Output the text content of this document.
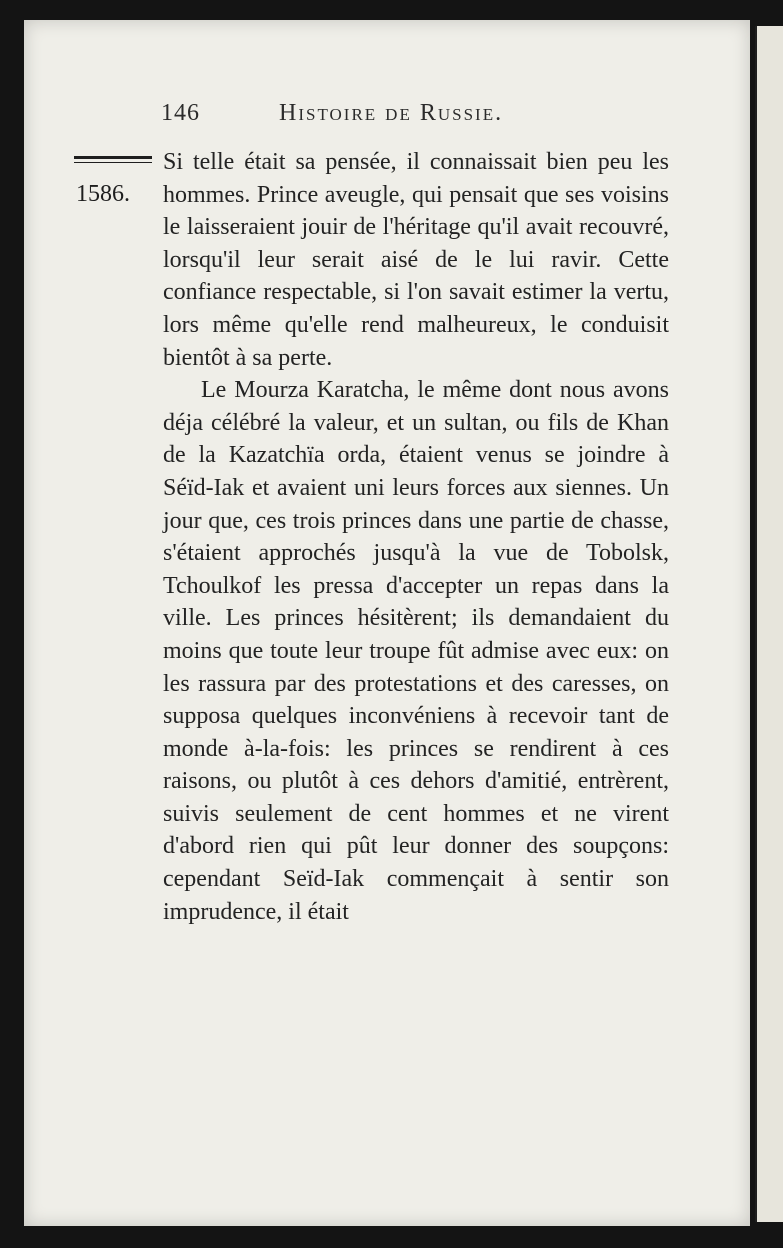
146	Histoire de Russie.
1586.

Si telle était sa pensée, il connaissait bien peu les hommes. Prince aveugle, qui pensait que ses voisins le laisseraient jouir de l'héritage qu'il avait recouvré, lorsqu'il leur serait aisé de le lui ravir. Cette confiance respectable, si l'on savait estimer la vertu, lors même qu'elle rend malheureux, le conduisit bientôt à sa perte.

Le Mourza Karatcha, le même dont nous avons déja célébré la valeur, et un sultan, ou fils de Khan de la Kazatchïa orda, étaient venus se joindre à Séïd-Iak et avaient uni leurs forces aux siennes. Un jour que, ces trois princes dans une partie de chasse, s'étaient approchés jusqu'à la vue de Tobolsk, Tchoulkof les pressa d'accepter un repas dans la ville. Les princes hésitèrent; ils demandaient du moins que toute leur troupe fût admise avec eux: on les rassura par des protestations et des caresses, on supposa quelques inconvéniens à recevoir tant de monde à-la-fois: les princes se rendirent à ces raisons, ou plutôt à ces dehors d'amitié, entrèrent, suivis seulement de cent hommes et ne virent d'abord rien qui pût leur donner des soupçons: cependant Seïd-Iak commençait à sentir son imprudence, il était
